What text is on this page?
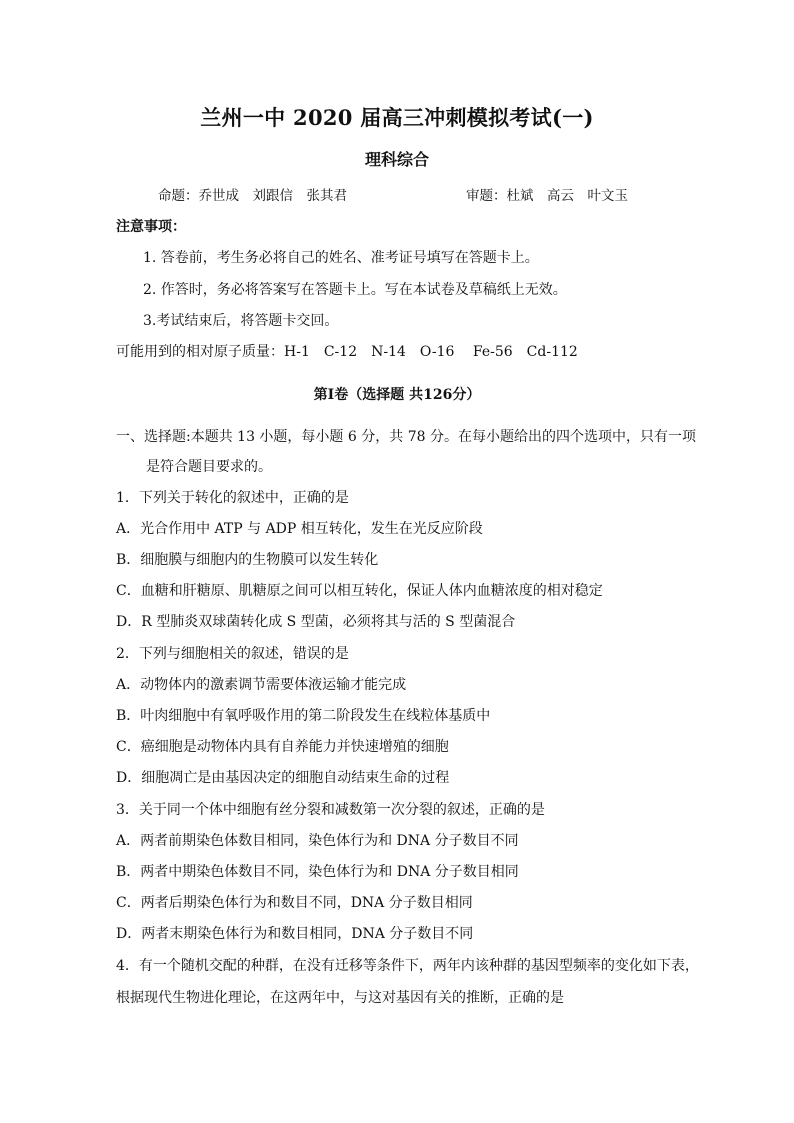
兰州一中 2020 届高三冲刺模拟考试(一)
理科综合
命题：乔世成　刘跟信　张其君	审题：杜斌　高云　叶文玉
注意事项：
1. 答卷前，考生务必将自己的姓名、准考证号填写在答题卡上。
2. 作答时，务必将答案写在答题卡上。写在本试卷及草稿纸上无效。
3.考试结束后，将答题卡交回。
可能用到的相对原子质量：H-1　C-12　N-14　O-16　 Fe-56　Cd-112
第Ⅰ卷（选择题 共126分）
一、选择题:本题共 13 小题，每小题 6 分，共 78 分。在每小题给出的四个选项中，只有一项
是符合题目要求的。
1．下列关于转化的叙述中，正确的是
A．光合作用中 ATP 与 ADP 相互转化，发生在光反应阶段
B．细胞膜与细胞内的生物膜可以发生转化
C．血糖和肝糖原、肌糖原之间可以相互转化，保证人体内血糖浓度的相对稳定
D．R 型肺炎双球菌转化成 S 型菌，必须将其与活的 S 型菌混合
2．下列与细胞相关的叙述，错误的是
A．动物体内的激素调节需要体液运输才能完成
B．叶肉细胞中有氧呼吸作用的第二阶段发生在线粒体基质中
C．癌细胞是动物体内具有自养能力并快速增殖的细胞
D．细胞凋亡是由基因决定的细胞自动结束生命的过程
3．关于同一个体中细胞有丝分裂和减数第一次分裂的叙述，正确的是
A．两者前期染色体数目相同，染色体行为和 DNA 分子数目不同
B．两者中期染色体数目不同，染色体行为和 DNA 分子数目相同
C．两者后期染色体行为和数目不同，DNA 分子数目相同
D．两者末期染色体行为和数目相同，DNA 分子数目不同
4．有一个随机交配的种群，在没有迁移等条件下，两年内该种群的基因型频率的变化如下表，
根据现代生物进化理论，在这两年中，与这对基因有关的推断，正确的是
